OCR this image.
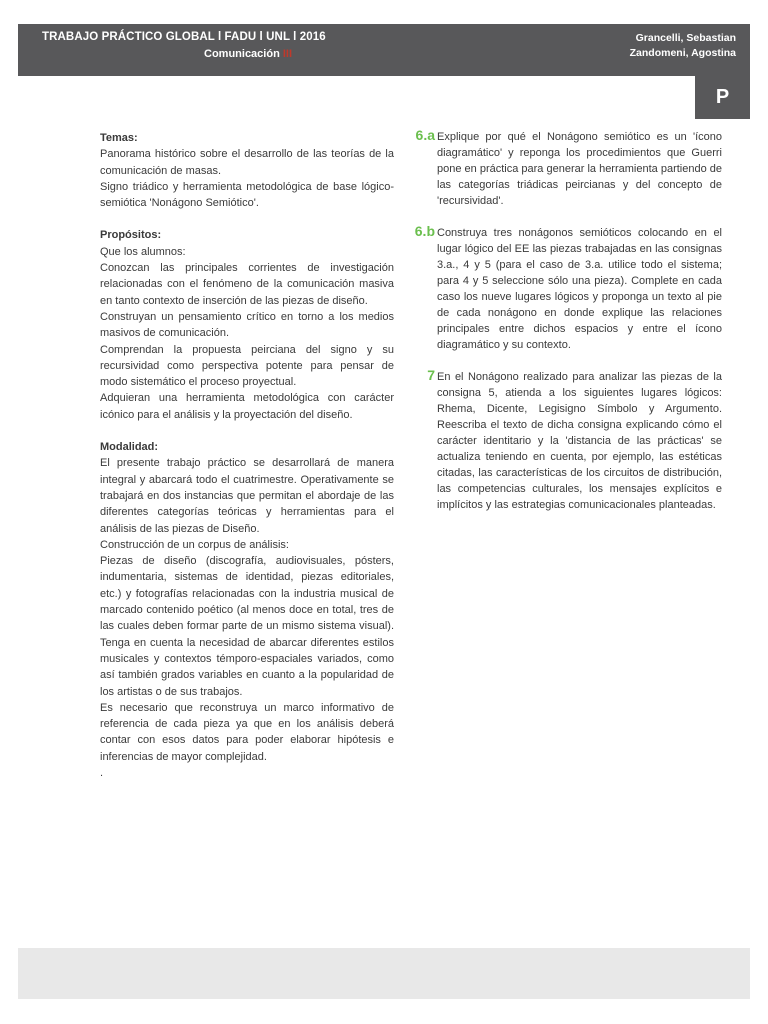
TRABAJO PRÁCTICO GLOBAL l FADU l UNL l 2016
Comunicación III
Grancelli, Sebastian
Zandomeni, Agostina
P
Temas:
Panorama histórico sobre el desarrollo de las teorías de la comunicación de masas.
Signo triádico y herramienta metodológica de base lógico-semiótica 'Nonágono Semiótico'.
Propósitos:
Que los alumnos:
Conozcan las principales corrientes de investigación relacionadas con el fenómeno de la comunicación masiva en tanto contexto de inserción de las piezas de diseño.
Construyan un pensamiento crítico en torno a los medios masivos de comunicación.
Comprendan la propuesta peirciana del signo y su recursividad como perspectiva potente para pensar de modo sistemático el proceso proyectual.
Adquieran una herramienta metodológica con carácter icónico para el análisis y la proyectación del diseño.
Modalidad:
El presente trabajo práctico se desarrollará de manera integral y abarcará todo el cuatrimestre. Operativamente se trabajará en dos instancias que permitan el abordaje de las diferentes categorías teóricas y herramientas para el análisis de las piezas de Diseño.
Construcción de un corpus de análisis:
Piezas de diseño (discografía, audiovisuales, pósters, indumentaria, sistemas de identidad, piezas editoriales, etc.) y fotografías relacionadas con la industria musical de marcado contenido poético (al menos doce en total, tres de las cuales deben formar parte de un mismo sistema visual). Tenga en cuenta la necesidad de abarcar diferentes estilos musicales y contextos témporo-espaciales variados, como así también grados variables en cuanto a la popularidad de los artistas o de sus trabajos.
Es necesario que reconstruya un marco informativo de referencia de cada pieza ya que en los análisis deberá contar con esos datos para poder elaborar hipótesis e inferencias de mayor complejidad.
.
6.a Explique por qué el Nonágono semiótico es un 'ícono diagramático' y reponga los procedimientos que Guerri pone en práctica para generar la herramienta partiendo de las categorías triádicas peircianas y del concepto de 'recursividad'.
6.b Construya tres nonágonos semióticos colocando en el lugar lógico del EE las piezas trabajadas en las consignas 3.a., 4 y 5 (para el caso de 3.a. utilice todo el sistema; para 4 y 5 seleccione sólo una pieza). Complete en cada caso los nueve lugares lógicos y proponga un texto al pie de cada nonágono en donde explique las relaciones principales entre dichos espacios y entre el ícono diagramático y su contexto.
7 En el Nonágono realizado para analizar las piezas de la consigna 5, atienda a los siguientes lugares lógicos: Rhema, Dicente, Legisigno Símbolo y Argumento. Reescriba el texto de dicha consigna explicando cómo el carácter identitario y la 'distancia de las prácticas' se actualiza teniendo en cuenta, por ejemplo, las estéticas citadas, las características de los circuitos de distribución, las competencias culturales, los mensajes explícitos e implícitos y las estrategias comunicacionales planteadas.
